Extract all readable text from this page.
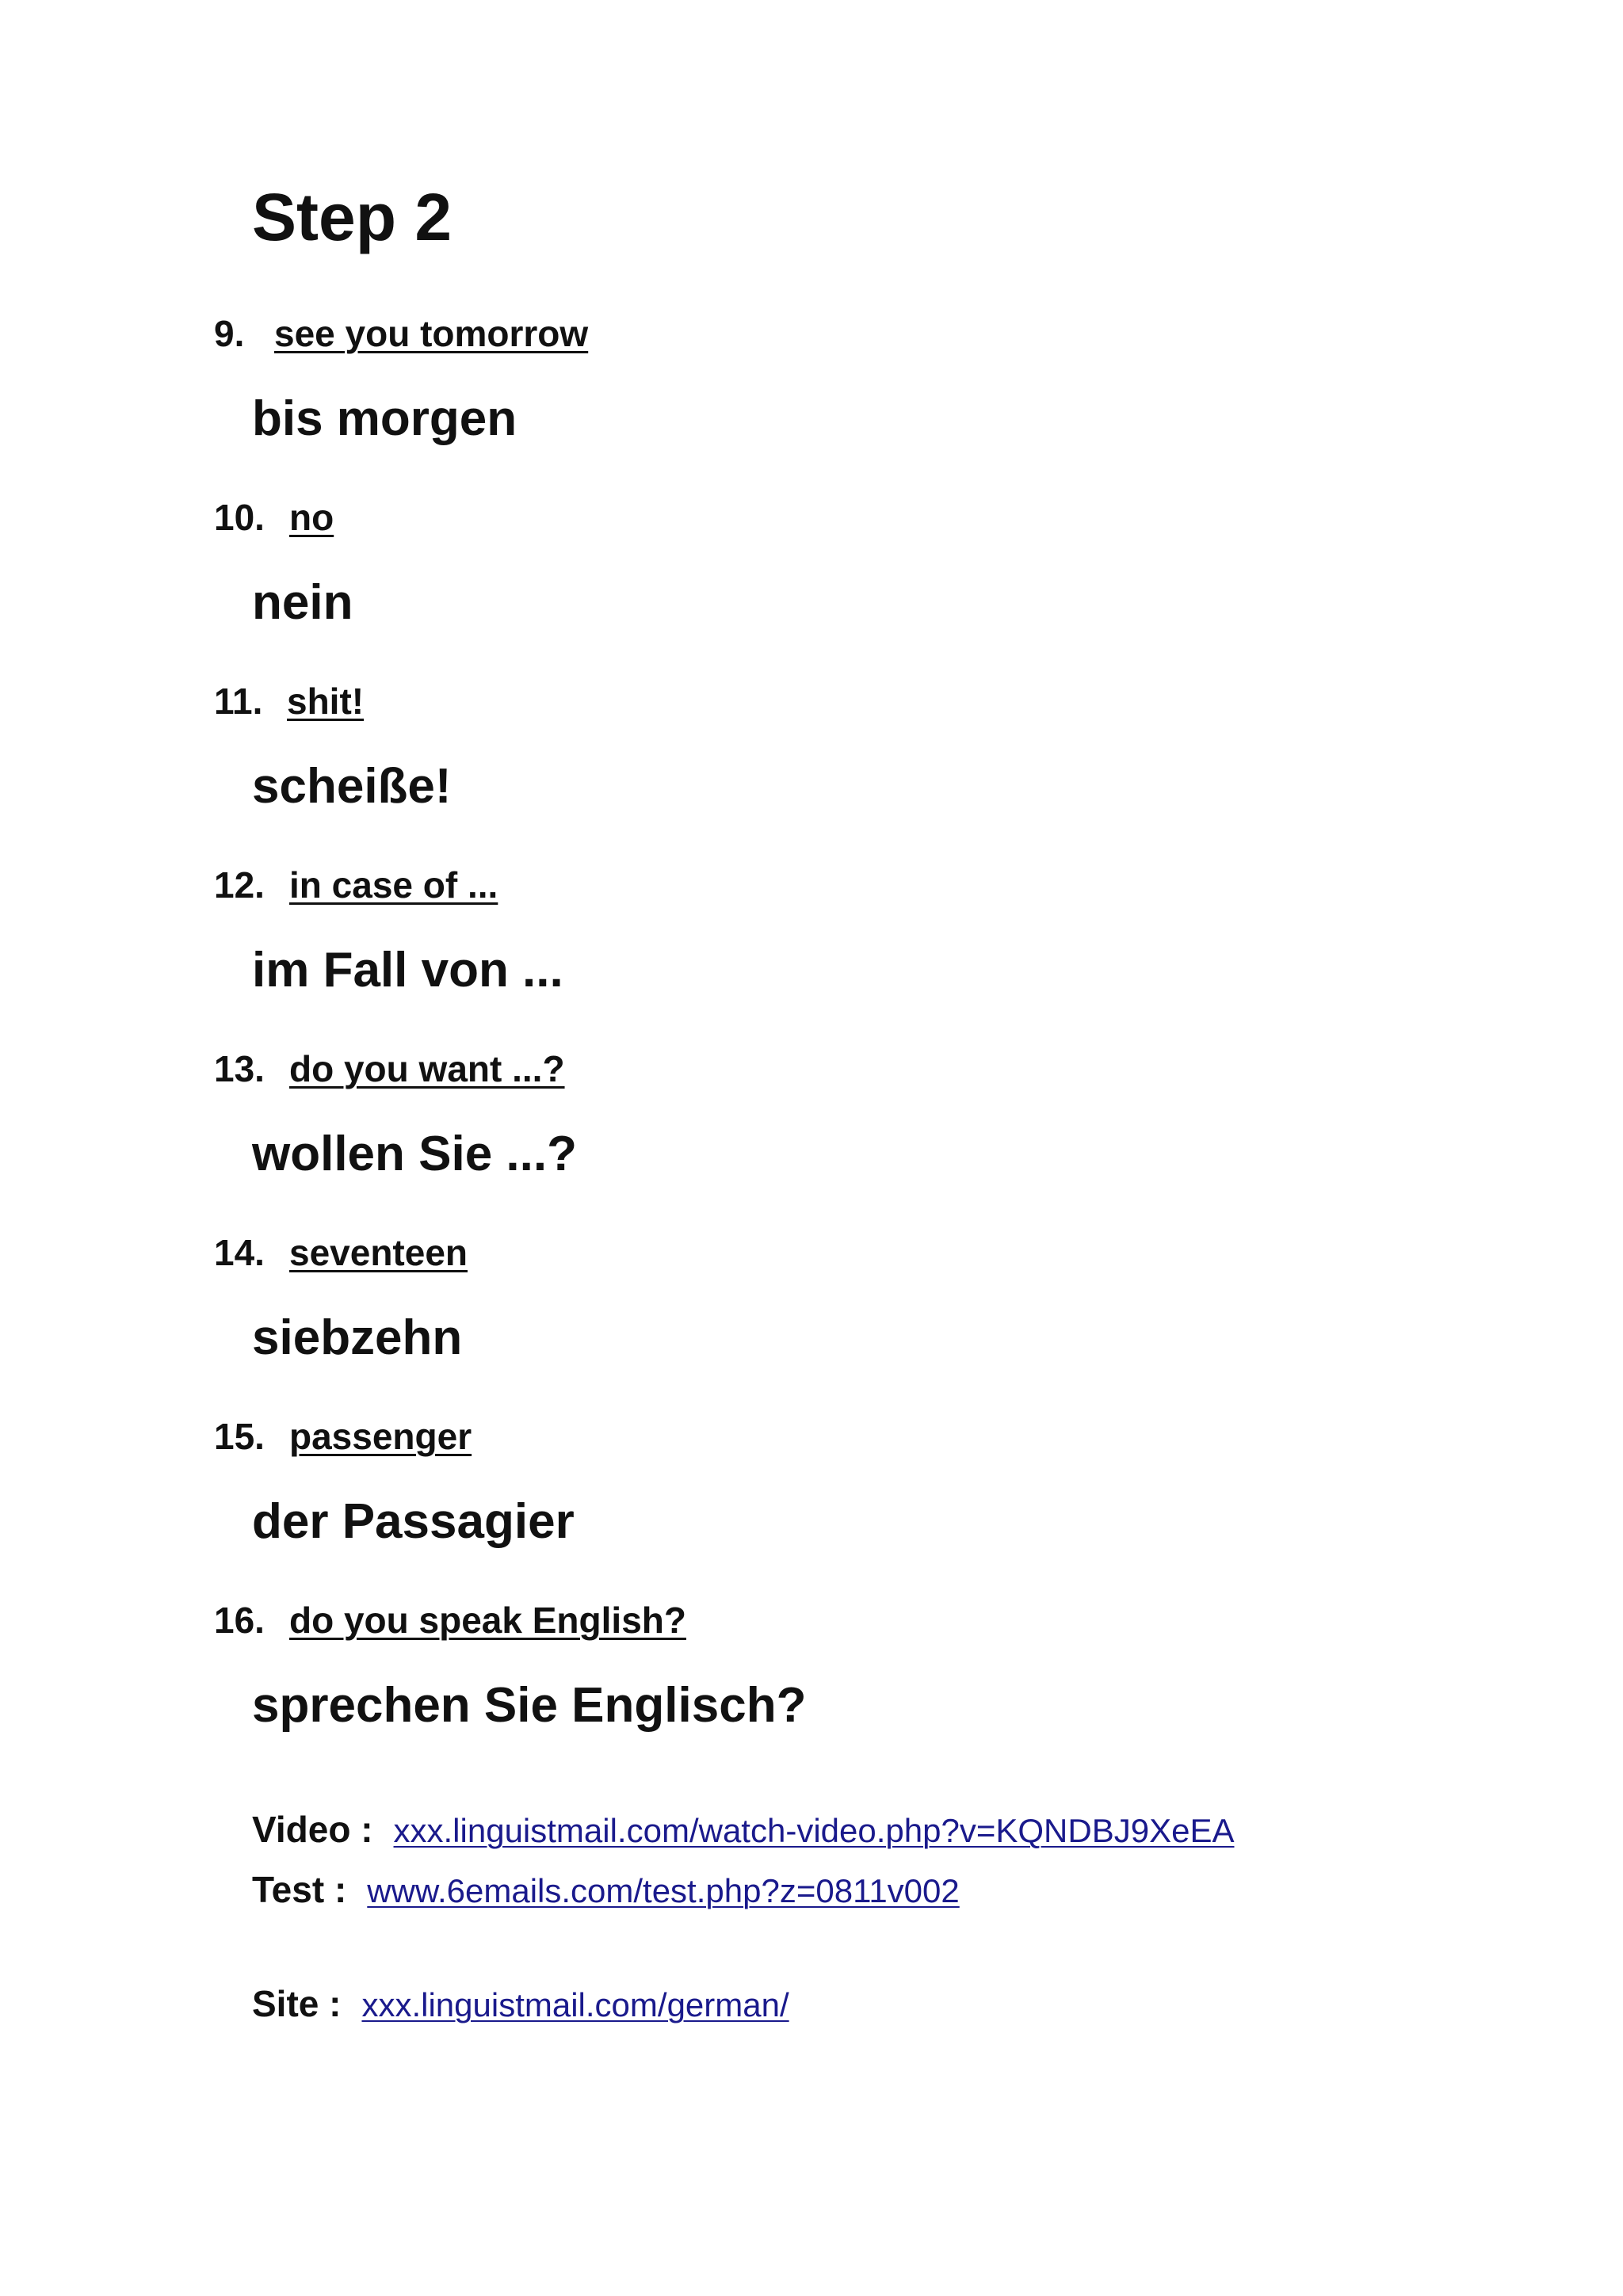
Step 2
9. see you tomorrow
bis morgen
10. no
nein
11. shit!
scheiße!
12. in case of ...
im Fall von ...
13. do you want ...?
wollen Sie ...?
14. seventeen
siebzehn
15. passenger
der Passagier
16. do you speak English?
sprechen Sie Englisch?
Video : xxx.linguistmail.com/watch-video.php?v=KQNDBJ9XeEA
Test : www.6emails.com/test.php?z=0811v002
Site : xxx.linguistmail.com/german/
